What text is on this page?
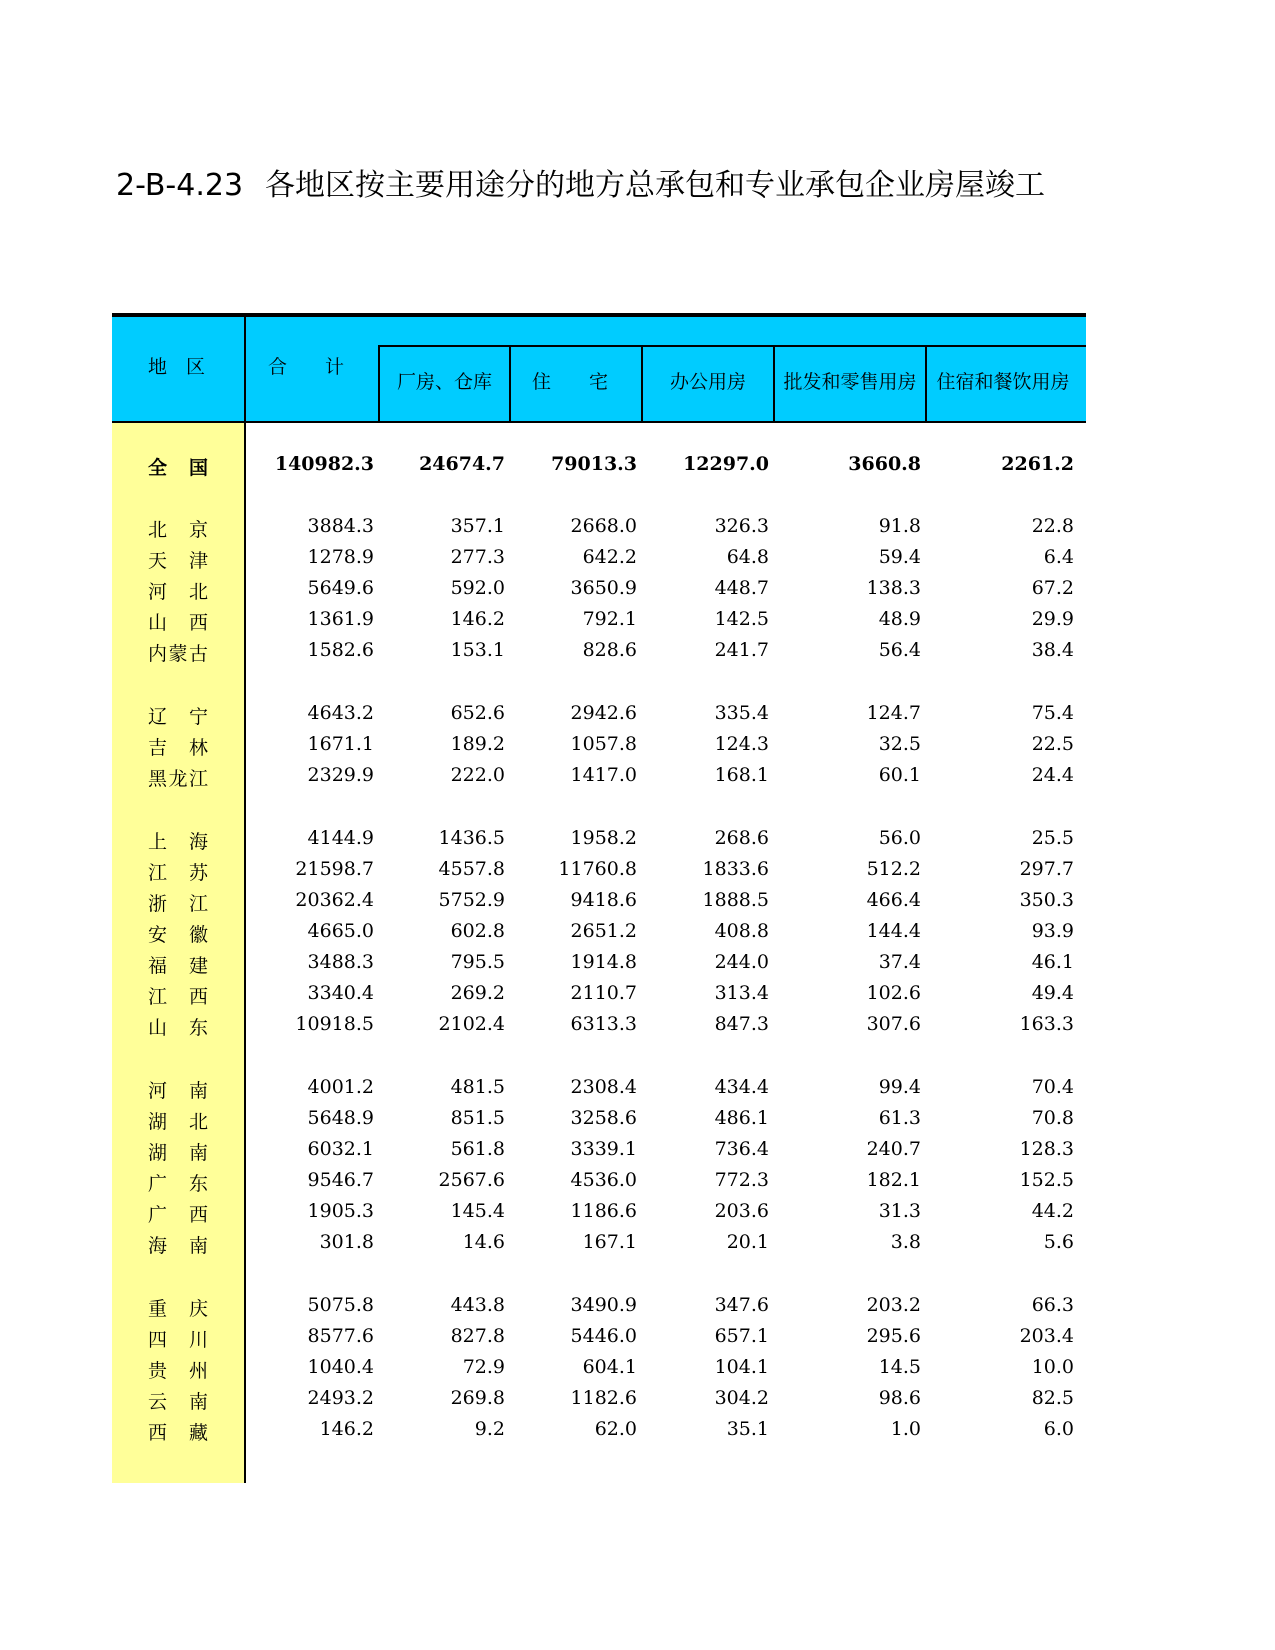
2-B-4.23 各地区按主要用途分的地方总承包和专业承包企业房屋竣工
地　区	合　　计
厂房、仓库	住　　宅	办公用房	批发和零售用房	住宿和餐饮用房
全国	140982.3 24674.7 79013.3 12297.0	3660.8	2261.2
北京	3884.3	357.1	2668.0	326.3	91.8	22.8
天津	1278.9	277.3	642.2	64.8	59.4	6.4
河北	5649.6	592.0	3650.9	448.7	138.3	67.2
山西	1361.9	146.2	792.1	142.5	48.9	29.9
内蒙古	1582.6	153.1	828.6	241.7	56.4	38.4
辽宁	4643.2	652.6	2942.6	335.4	124.7	75.4
吉林	1671.1	189.2	1057.8	124.3	32.5	22.5
黑龙江	2329.9	222.0	1417.0	168.1	60.1	24.4
上海	4144.9	1436.5	1958.2	268.6	56.0	25.5
江苏	21598.7	4557.8	11760.8	1833.6	512.2	297.7
浙江	20362.4	5752.9	9418.6	1888.5	466.4	350.3
安徽	4665.0	602.8	2651.2	408.8	144.4	93.9
福建	3488.3	795.5	1914.8	244.0	37.4	46.1
江西	3340.4	269.2	2110.7	313.4	102.6	49.4
山东	10918.5	2102.4	6313.3	847.3	307.6	163.3
河南	4001.2	481.5	2308.4	434.4	99.4	70.4
湖北	5648.9	851.5	3258.6	486.1	61.3	70.8
湖南	6032.1	561.8	3339.1	736.4	240.7	128.3
广东	9546.7	2567.6	4536.0	772.3	182.1	152.5
广西	1905.3	145.4	1186.6	203.6	31.3	44.2
海南	301.8	14.6	167.1	20.1	3.8	5.6
重庆	5075.8	443.8	3490.9	347.6	203.2	66.3
四川	8577.6	827.8	5446.0	657.1	295.6	203.4
贵州	1040.4	72.9	604.1	104.1	14.5	10.0
云南	2493.2	269.8	1182.6	304.2	98.6	82.5
西藏	146.2	9.2	62.0	35.1	1.0	6.0
